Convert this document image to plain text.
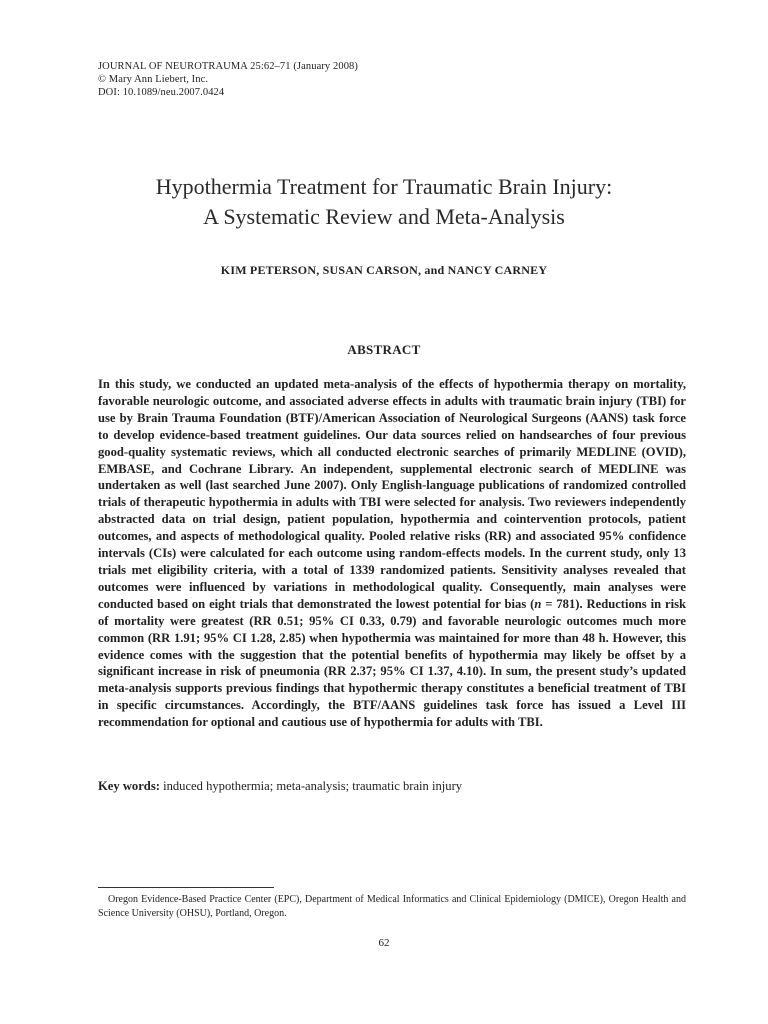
JOURNAL OF NEUROTRAUMA 25:62–71 (January 2008)
© Mary Ann Liebert, Inc.
DOI: 10.1089/neu.2007.0424
Hypothermia Treatment for Traumatic Brain Injury:
A Systematic Review and Meta-Analysis
KIM PETERSON, SUSAN CARSON, and NANCY CARNEY
ABSTRACT
In this study, we conducted an updated meta-analysis of the effects of hypothermia therapy on mortality, favorable neurologic outcome, and associated adverse effects in adults with traumatic brain injury (TBI) for use by Brain Trauma Foundation (BTF)/American Association of Neurological Surgeons (AANS) task force to develop evidence-based treatment guidelines. Our data sources relied on handsearches of four previous good-quality systematic reviews, which all conducted electronic searches of primarily MEDLINE (OVID), EMBASE, and Cochrane Library. An independent, supplemental electronic search of MEDLINE was undertaken as well (last searched June 2007). Only English-language publications of randomized controlled trials of therapeutic hypothermia in adults with TBI were selected for analysis. Two reviewers independently abstracted data on trial design, patient population, hypothermia and cointervention protocols, patient outcomes, and aspects of methodological quality. Pooled relative risks (RR) and associated 95% confidence intervals (CIs) were calculated for each outcome using random-effects models. In the current study, only 13 trials met eligibility criteria, with a total of 1339 randomized patients. Sensitivity analyses revealed that outcomes were influenced by variations in methodological quality. Consequently, main analyses were conducted based on eight trials that demonstrated the lowest potential for bias (n = 781). Reductions in risk of mortality were greatest (RR 0.51; 95% CI 0.33, 0.79) and favorable neurologic outcomes much more common (RR 1.91; 95% CI 1.28, 2.85) when hypothermia was maintained for more than 48 h. However, this evidence comes with the suggestion that the potential benefits of hypothermia may likely be offset by a significant increase in risk of pneumonia (RR 2.37; 95% CI 1.37, 4.10). In sum, the present study’s updated meta-analysis supports previous findings that hypothermic therapy constitutes a beneficial treatment of TBI in specific circumstances. Accordingly, the BTF/AANS guidelines task force has issued a Level III recommendation for optional and cautious use of hypothermia for adults with TBI.
Key words: induced hypothermia; meta-analysis; traumatic brain injury
Oregon Evidence-Based Practice Center (EPC), Department of Medical Informatics and Clinical Epidemiology (DMICE), Oregon Health and Science University (OHSU), Portland, Oregon.
62
